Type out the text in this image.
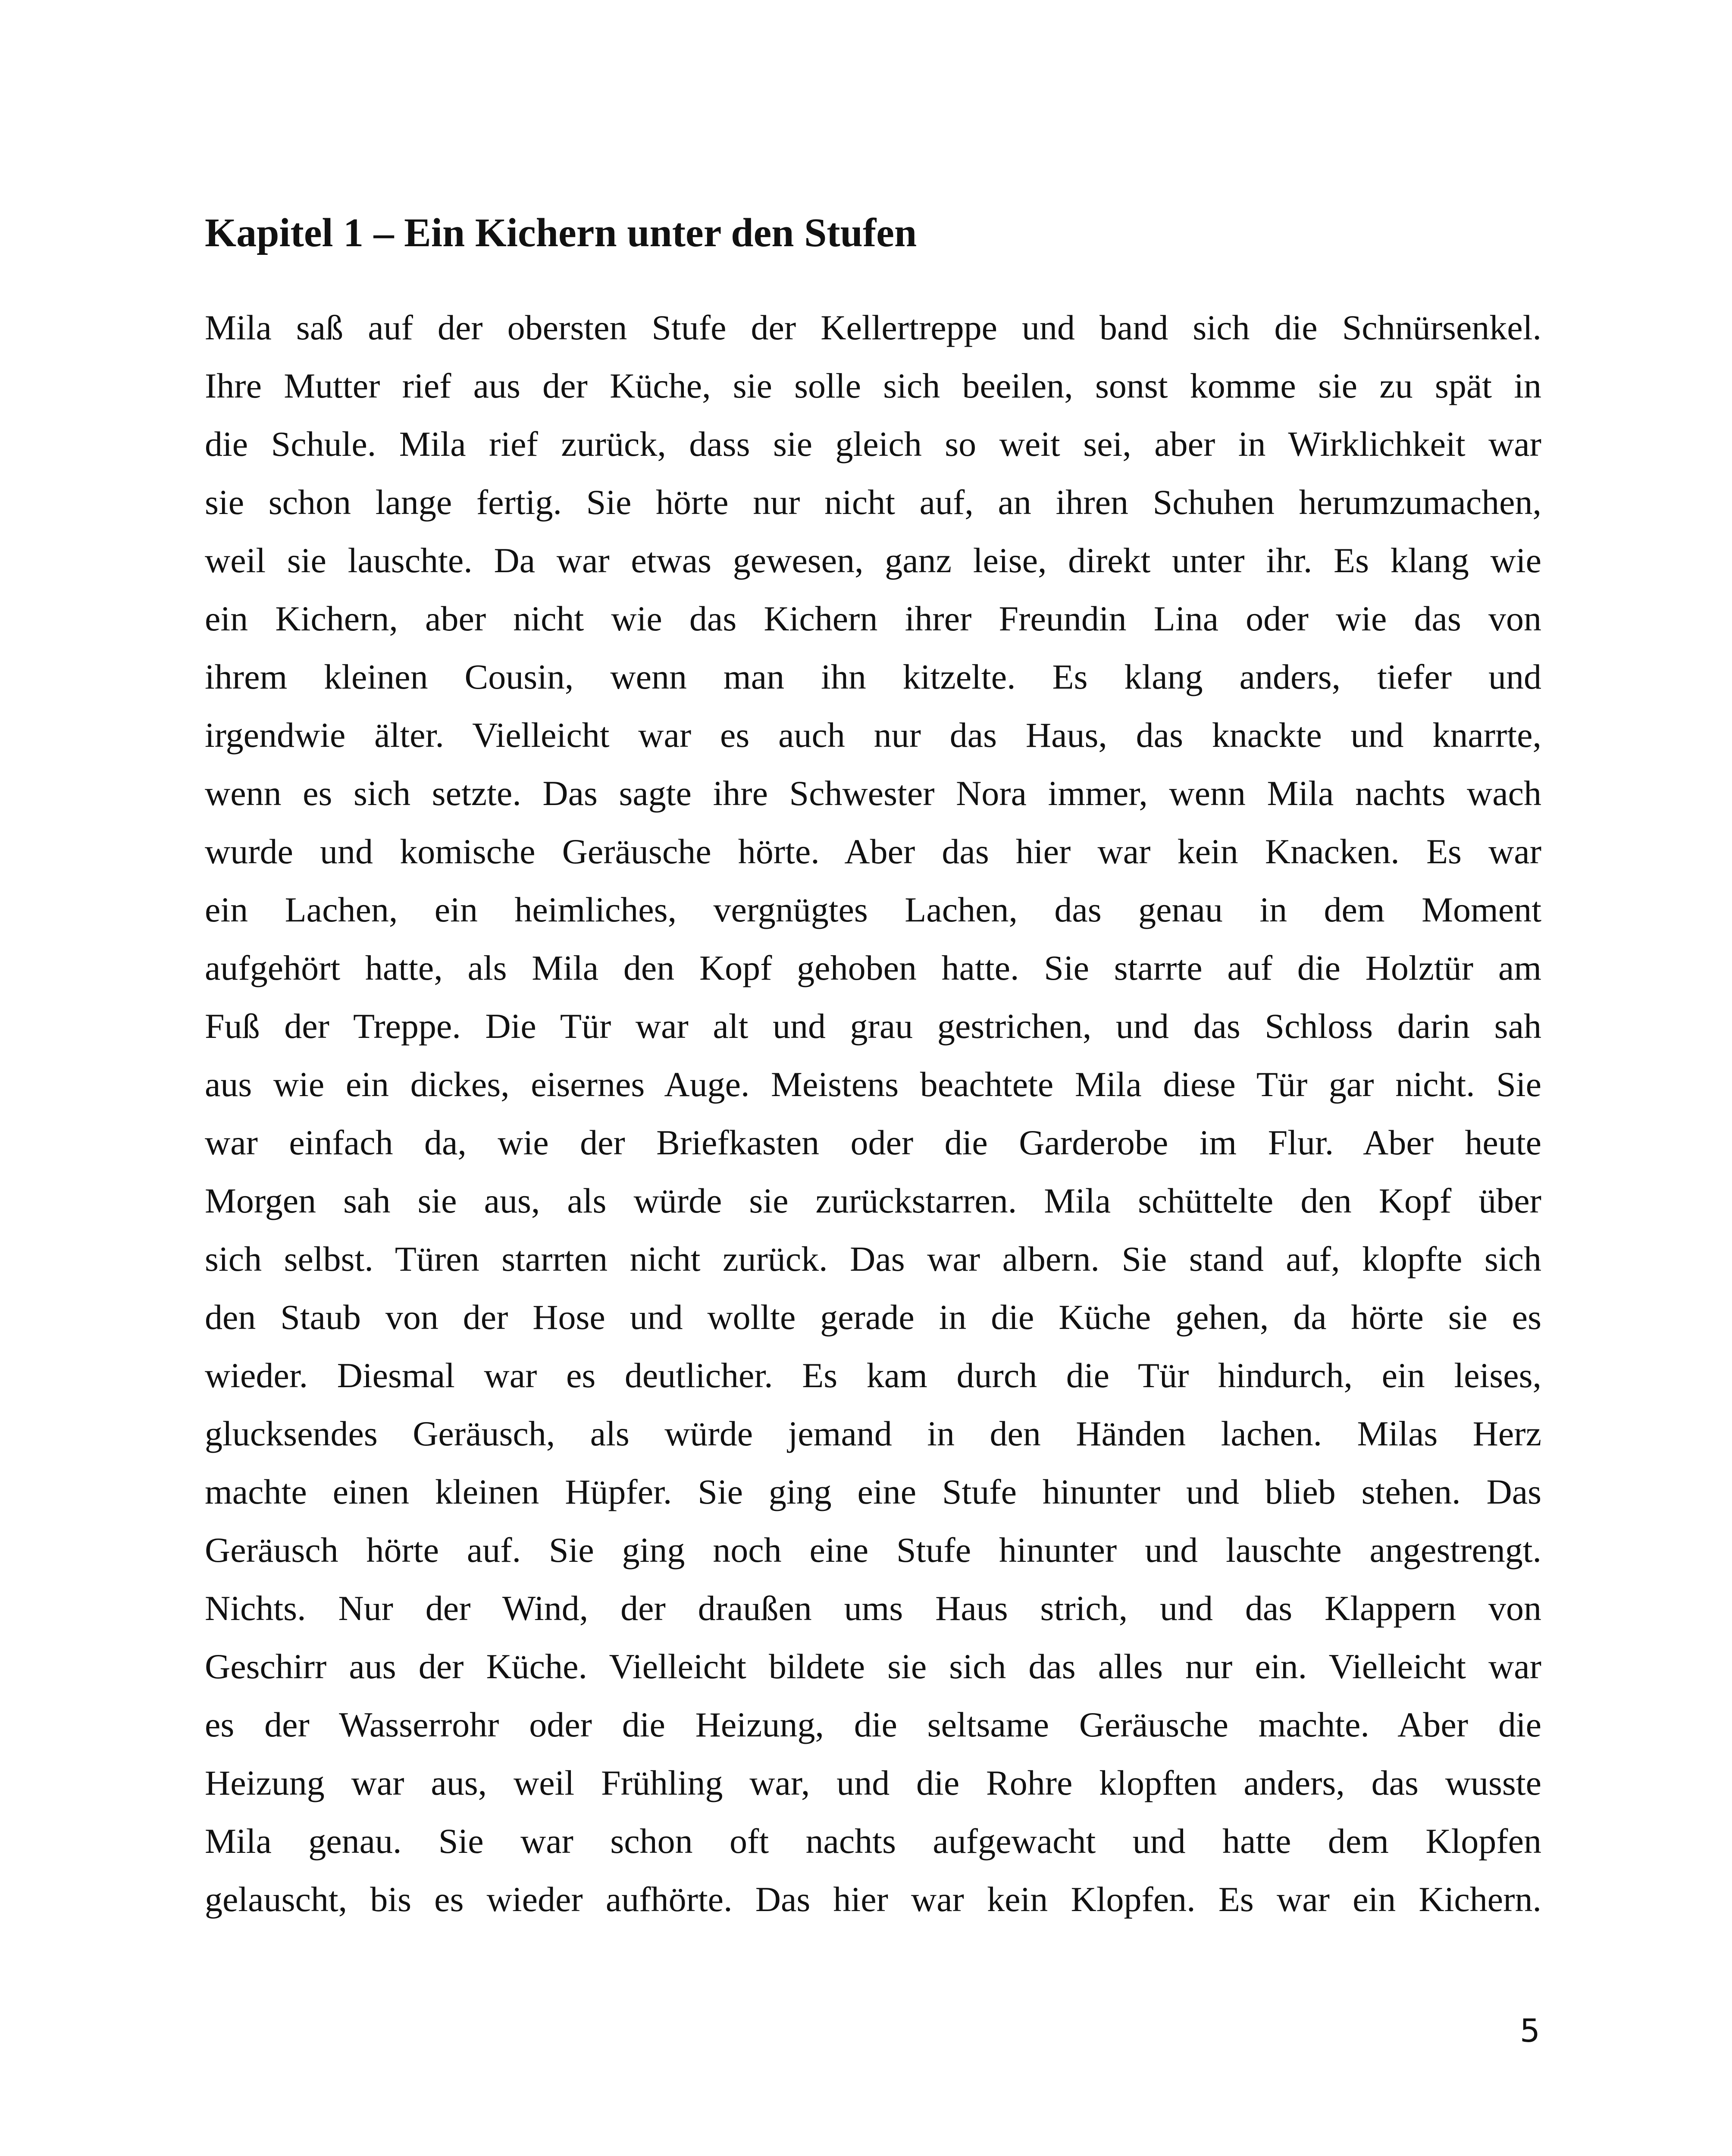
Kapitel 1 – Ein Kichern unter den Stufen
Mila saß auf der obersten Stufe der Kellertreppe und band sich die Schnürsenkel.
Ihre Mutter rief aus der Küche, sie solle sich beeilen, sonst komme sie zu spät in
die Schule. Mila rief zurück, dass sie gleich so weit sei, aber in Wirklichkeit war
sie schon lange fertig. Sie hörte nur nicht auf, an ihren Schuhen herumzumachen,
weil sie lauschte. Da war etwas gewesen, ganz leise, direkt unter ihr. Es klang wie
ein Kichern, aber nicht wie das Kichern ihrer Freundin Lina oder wie das von
ihrem kleinen Cousin, wenn man ihn kitzelte. Es klang anders, tiefer und
irgendwie älter. Vielleicht war es auch nur das Haus, das knackte und knarrte,
wenn es sich setzte. Das sagte ihre Schwester Nora immer, wenn Mila nachts wach
wurde und komische Geräusche hörte. Aber das hier war kein Knacken. Es war
ein Lachen, ein heimliches, vergnügtes Lachen, das genau in dem Moment
aufgehört hatte, als Mila den Kopf gehoben hatte. Sie starrte auf die Holztür am
Fuß der Treppe. Die Tür war alt und grau gestrichen, und das Schloss darin sah
aus wie ein dickes, eisernes Auge. Meistens beachtete Mila diese Tür gar nicht. Sie
war einfach da, wie der Briefkasten oder die Garderobe im Flur. Aber heute
Morgen sah sie aus, als würde sie zurückstarren. Mila schüttelte den Kopf über
sich selbst. Türen starrten nicht zurück. Das war albern. Sie stand auf, klopfte sich
den Staub von der Hose und wollte gerade in die Küche gehen, da hörte sie es
wieder. Diesmal war es deutlicher. Es kam durch die Tür hindurch, ein leises,
glucksendes Geräusch, als würde jemand in den Händen lachen. Milas Herz
machte einen kleinen Hüpfer. Sie ging eine Stufe hinunter und blieb stehen. Das
Geräusch hörte auf. Sie ging noch eine Stufe hinunter und lauschte angestrengt.
Nichts. Nur der Wind, der draußen ums Haus strich, und das Klappern von
Geschirr aus der Küche. Vielleicht bildete sie sich das alles nur ein. Vielleicht war
es der Wasserrohr oder die Heizung, die seltsame Geräusche machte. Aber die
Heizung war aus, weil Frühling war, und die Rohre klopften anders, das wusste
Mila genau. Sie war schon oft nachts aufgewacht und hatte dem Klopfen
gelauscht, bis es wieder aufhörte. Das hier war kein Klopfen. Es war ein Kichern.
5
